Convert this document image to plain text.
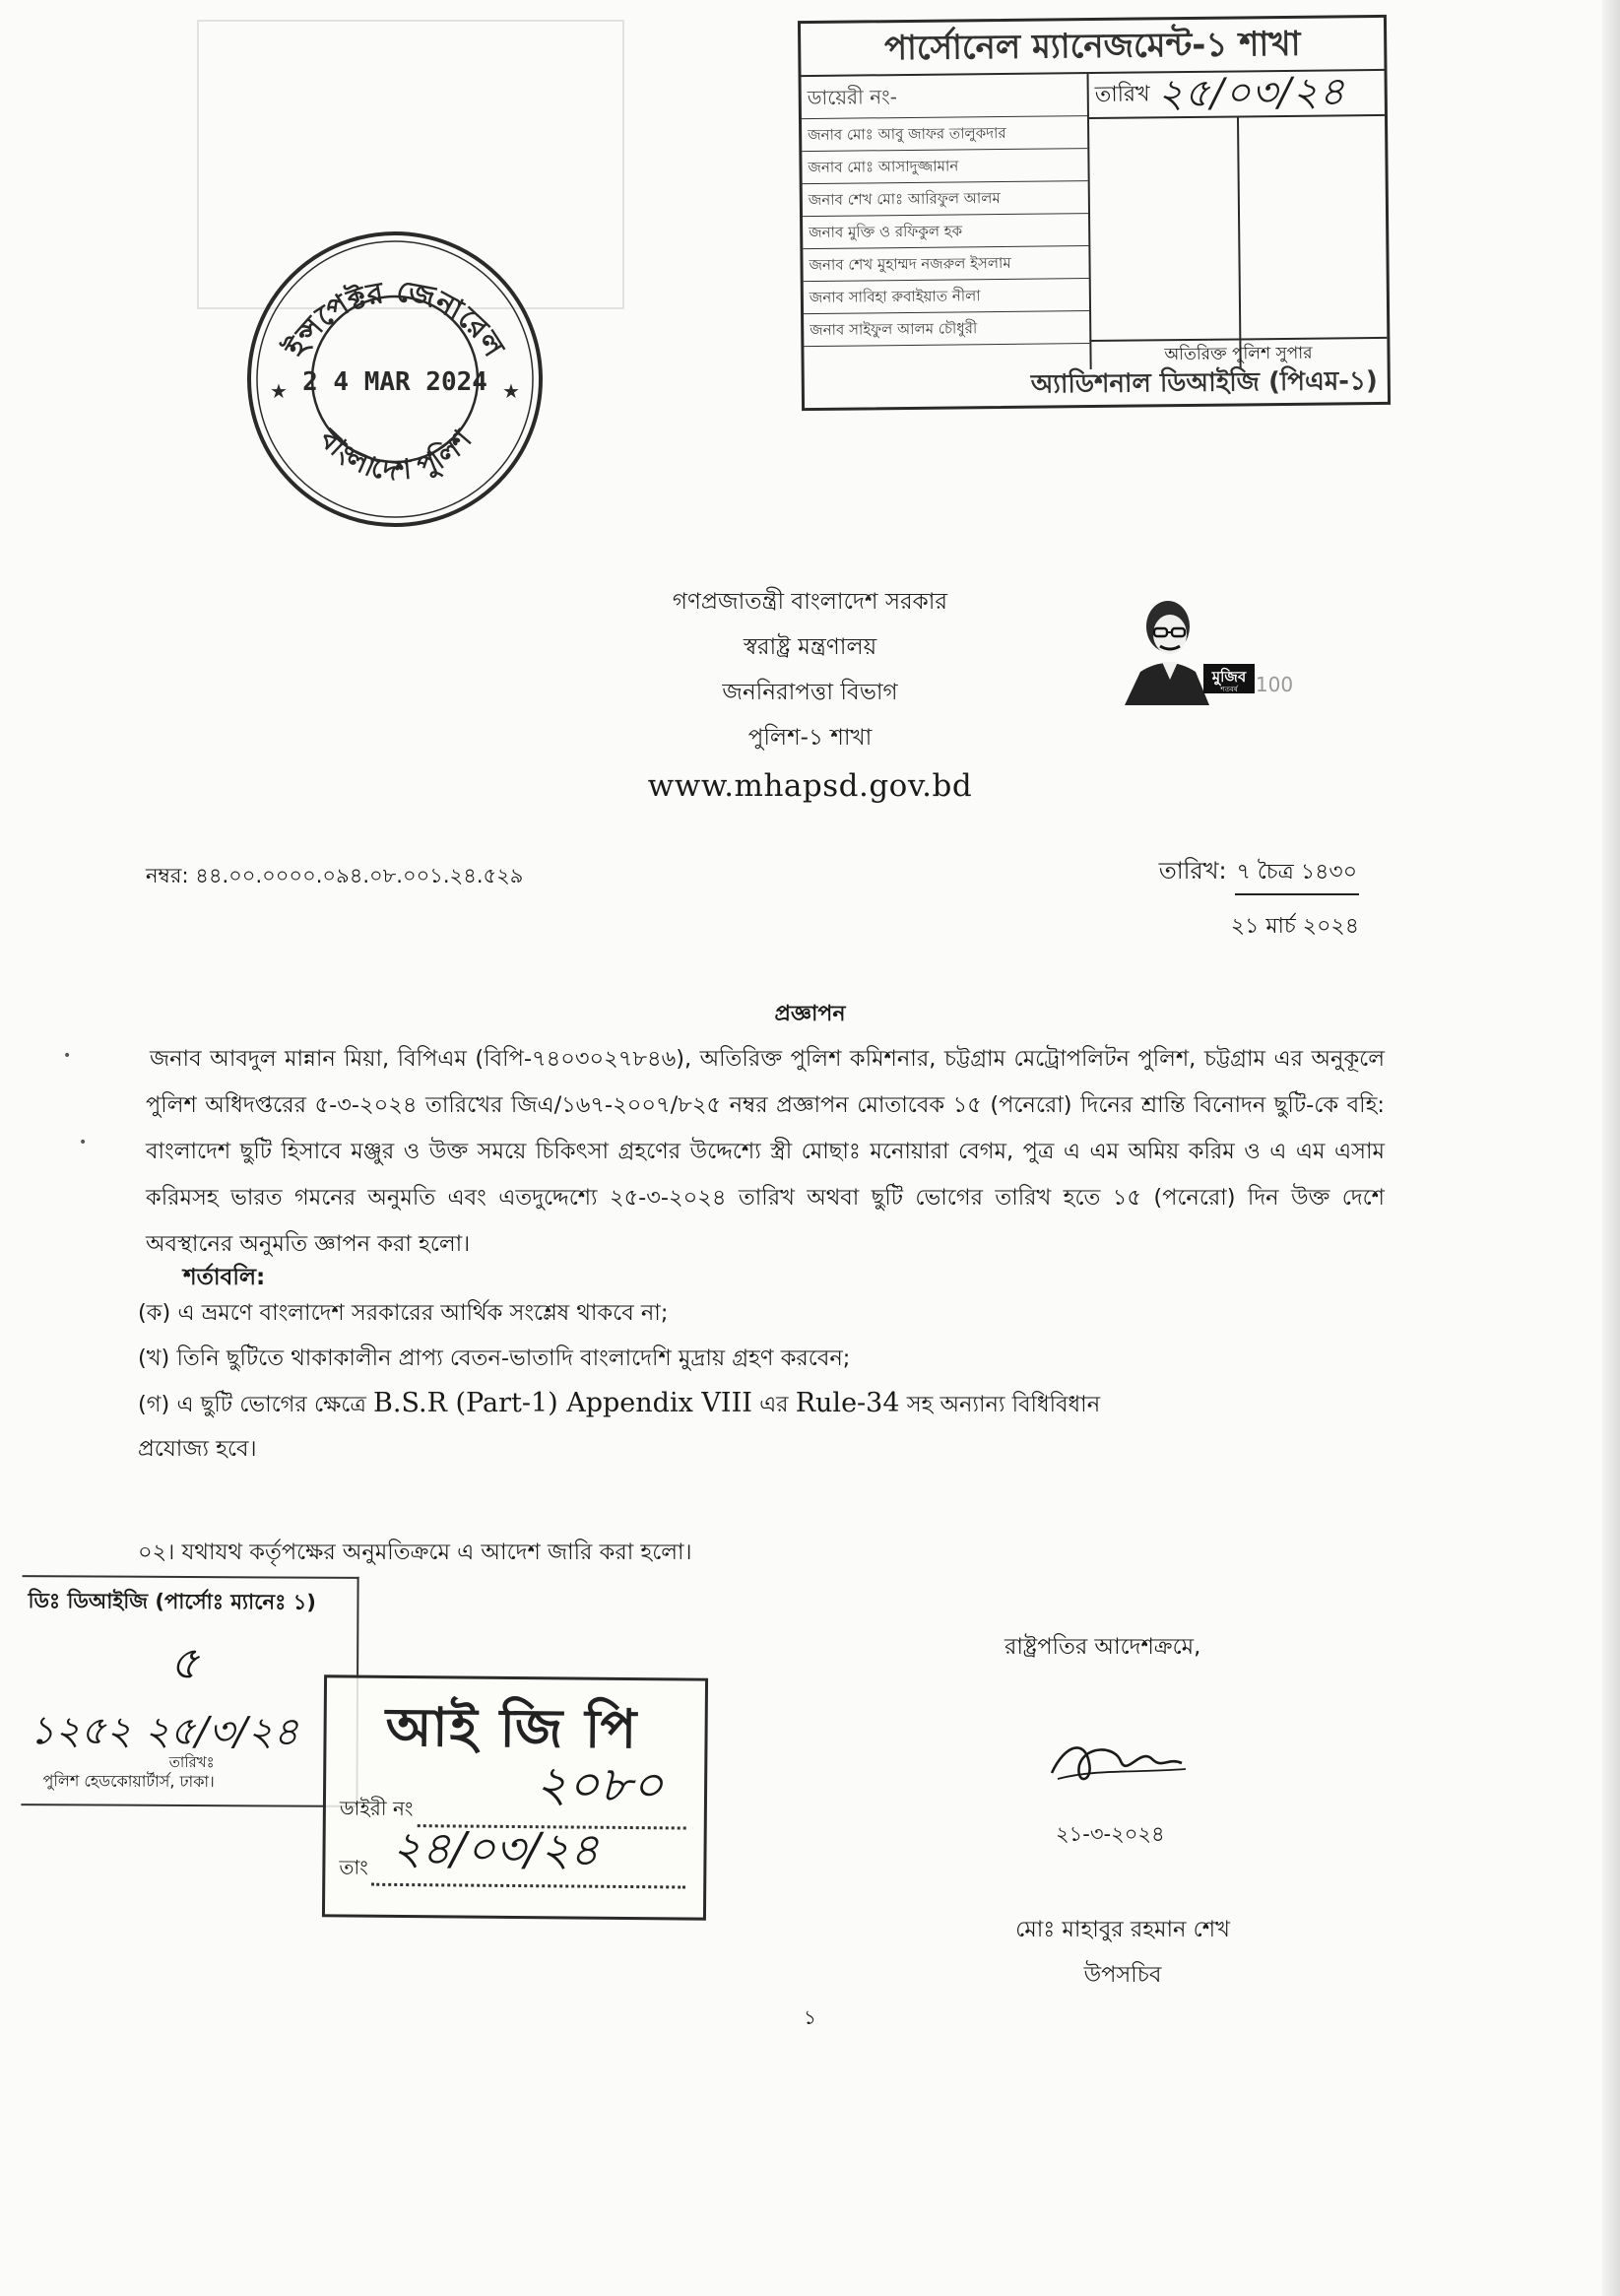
পার্সোনেল ম্যানেজমেন্ট-১ শাখা
ডায়েরী নং-
জনাব মোঃ আবু জাফর তালুকদার
জনাব মোঃ আসাদুজ্জামান
জনাব শেখ মোঃ আরিফুল আলম
জনাব মুক্তি ও রফিকুল হক
জনাব শেখ মুহাম্মদ নজরুল ইসলাম
জনাব সাবিহা রুবাইয়াত নীলা
জনাব সাইফুল আলম চৌধুরী
তারিখ ২৫/০৩/২৪
অতিরিক্ত পুলিশ সুপার
অ্যাডিশনাল ডিআইজি (পিএম-১)
ইন্সপেক্টর জেনারেল
বাংলাদেশ পুলিশ
2 4 MAR 2024
★	★
গণপ্রজাতন্ত্রী বাংলাদেশ সরকার
স্বরাষ্ট্র মন্ত্রণালয়
জননিরাপত্তা বিভাগ
পুলিশ-১ শাখা
www.mhapsd.gov.bd
মুজিব
শতবর্ষ 100
নম্বর: ৪৪.০০.০০০০.০৯৪.০৮.০০১.২৪.৫২৯	তারিখ: ৭ চৈত্র ১৪৩০
২১ মার্চ ২০২৪
প্রজ্ঞাপন
জনাব আবদুল মান্নান মিয়া, বিপিএম (বিপি-৭৪০৩০২৭৮৪৬), অতিরিক্ত পুলিশ কমিশনার, চট্টগ্রাম মেট্রোপলিটন পুলিশ, চট্টগ্রাম এর অনুকূলে পুলিশ অধিদপ্তরের ৫-৩-২০২৪ তারিখের জিএ/১৬৭-২০০৭/৮২৫ নম্বর প্রজ্ঞাপন মোতাবেক ১৫ (পনেরো) দিনের শ্রান্তি বিনোদন ছুটি-কে বহি: বাংলাদেশ ছুটি হিসাবে মঞ্জুর ও উক্ত সময়ে চিকিৎসা গ্রহণের উদ্দেশ্যে স্ত্রী মোছাঃ মনোয়ারা বেগম, পুত্র এ এম অমিয় করিম ও এ এম এসাম করিমসহ ভারত গমনের অনুমতি এবং এতদুদ্দেশ্যে ২৫-৩-২০২৪ তারিখ অথবা ছুটি ভোগের তারিখ হতে ১৫ (পনেরো) দিন উক্ত দেশে অবস্থানের অনুমতি জ্ঞাপন করা হলো।
শর্তাবলি:
(ক) এ ভ্রমণে বাংলাদেশ সরকারের আর্থিক সংশ্লেষ থাকবে না;
(খ) তিনি ছুটিতে থাকাকালীন প্রাপ্য বেতন-ভাতাদি বাংলাদেশি মুদ্রায় গ্রহণ করবেন;
(গ) এ ছুটি ভোগের ক্ষেত্রে B.S.R (Part-1) Appendix VIII এর Rule-34 সহ অন্যান্য বিধিবিধান
প্রযোজ্য হবে।
০২। যথাযথ কর্তৃপক্ষের অনুমতিক্রমে এ আদেশ জারি করা হলো।
রাষ্ট্রপতির আদেশক্রমে,
২১-৩-২০২৪
মোঃ মাহাবুর রহমান শেখ
উপসচিব
১
ডিঃ ডিআইজি (পার্সোঃ ম্যানেঃ ১)
৫
১২৫২ ২৫/৩/২৪
তারিখঃ
পুলিশ হেডকোয়ার্টার্স, ঢাকা।
আই জি পি
ডাইরী নং ২০৮০
তাং ২৪/০৩/২৪
•
•
